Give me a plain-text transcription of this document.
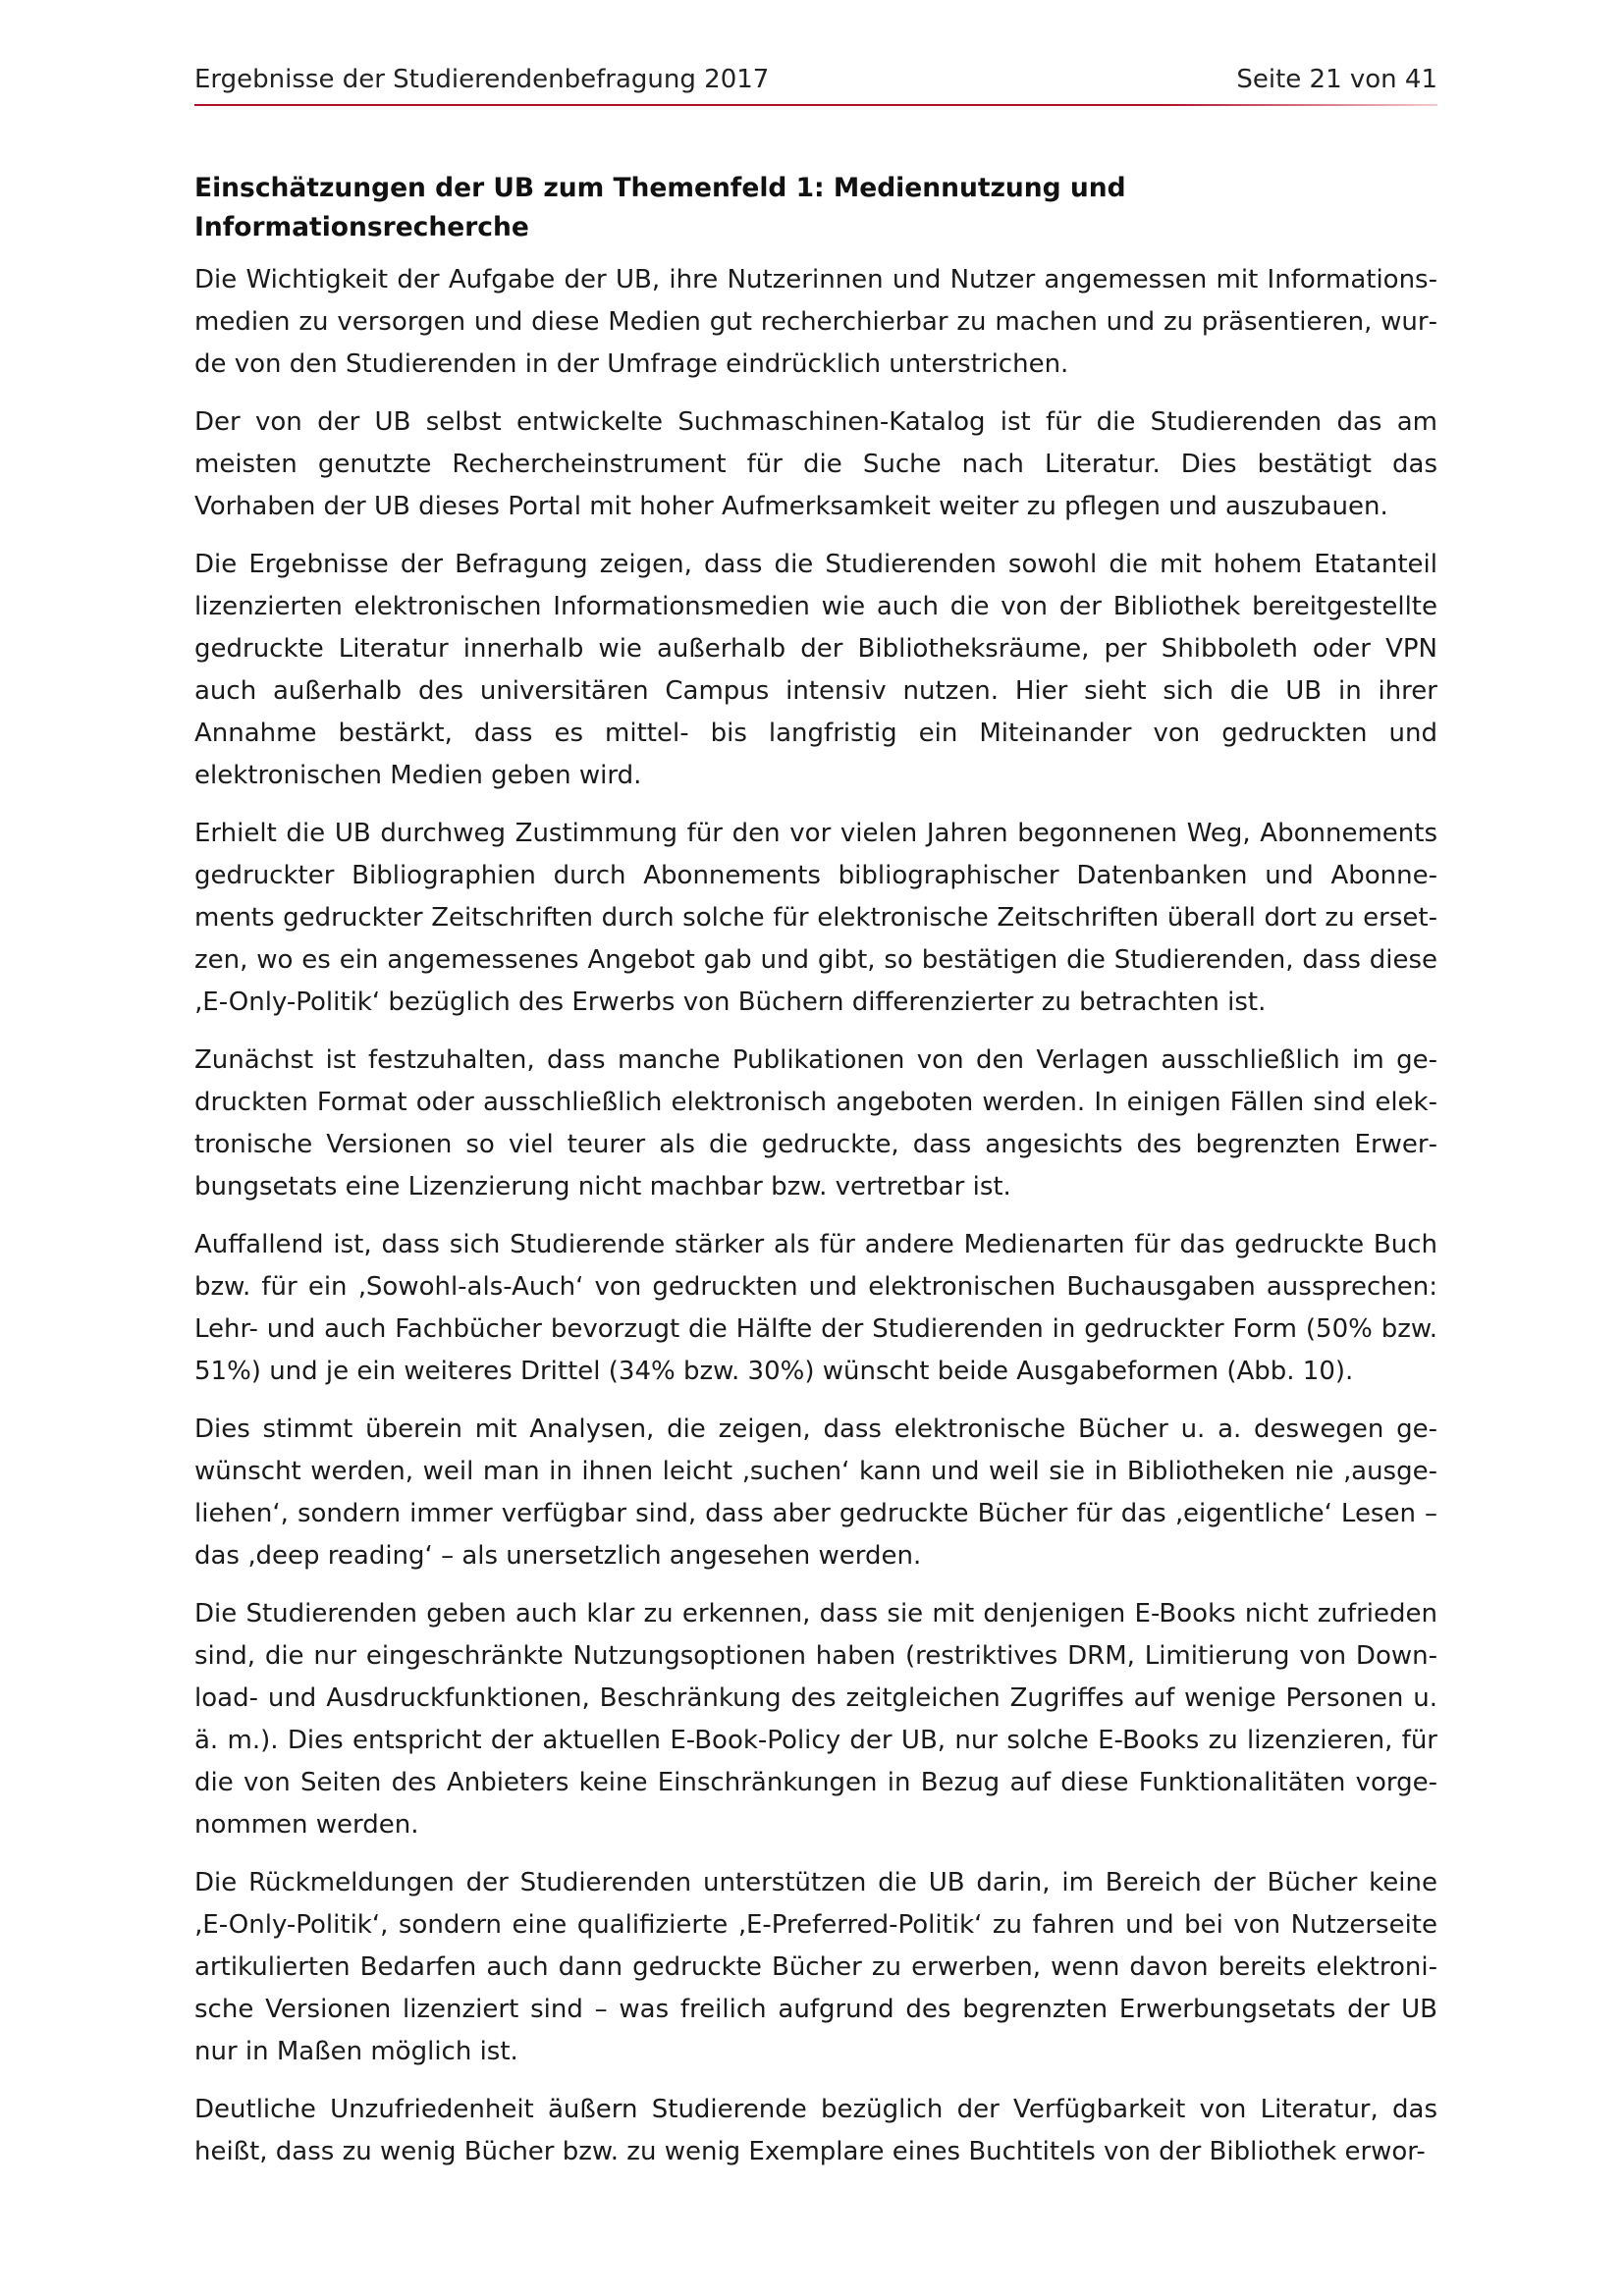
Ergebnisse der Studierendenbefragung 2017	Seite 21 von 41
Einschätzungen der UB zum Themenfeld 1: Mediennutzung und Informationsrecherche

Die Wichtigkeit der Aufgabe der UB, ihre Nutzerinnen und Nutzer angemessen mit Informationsmedien zu versorgen und diese Medien gut recherchierbar zu machen und zu präsentieren, wurde von den Studierenden in der Umfrage eindrücklich unterstrichen.

Der von der UB selbst entwickelte Suchmaschinen-Katalog ist für die Studierenden das am meisten genutzte Rechercheinstrument für die Suche nach Literatur. Dies bestätigt das Vorhaben der UB dieses Portal mit hoher Aufmerksamkeit weiter zu pflegen und auszubauen.

Die Ergebnisse der Befragung zeigen, dass die Studierenden sowohl die mit hohem Etatanteil lizenzierten elektronischen Informationsmedien wie auch die von der Bibliothek bereitgestellte gedruckte Literatur innerhalb wie außerhalb der Bibliotheksräume, per Shibboleth oder VPN auch außerhalb des universitären Campus intensiv nutzen. Hier sieht sich die UB in ihrer Annahme bestärkt, dass es mittel- bis langfristig ein Miteinander von gedruckten und elektronischen Medien geben wird.

Erhielt die UB durchweg Zustimmung für den vor vielen Jahren begonnenen Weg, Abonnements gedruckter Bibliographien durch Abonnements bibliographischer Datenbanken und Abonnements gedruckter Zeitschriften durch solche für elektronische Zeitschriften überall dort zu ersetzen, wo es ein angemessenes Angebot gab und gibt, so bestätigen die Studierenden, dass diese ‚E-Only-Politik‘ bezüglich des Erwerbs von Büchern differenzierter zu betrachten ist.

Zunächst ist festzuhalten, dass manche Publikationen von den Verlagen ausschließlich im gedruckten Format oder ausschließlich elektronisch angeboten werden. In einigen Fällen sind elektronische Versionen so viel teurer als die gedruckte, dass angesichts des begrenzten Erwerbungsetats eine Lizenzierung nicht machbar bzw. vertretbar ist.

Auffallend ist, dass sich Studierende stärker als für andere Medienarten für das gedruckte Buch bzw. für ein ‚Sowohl-als-Auch‘ von gedruckten und elektronischen Buchausgaben aussprechen: Lehr- und auch Fachbücher bevorzugt die Hälfte der Studierenden in gedruckter Form (50% bzw. 51%) und je ein weiteres Drittel (34% bzw. 30%) wünscht beide Ausgabeformen (Abb. 10).

Dies stimmt überein mit Analysen, die zeigen, dass elektronische Bücher u. a. deswegen gewünscht werden, weil man in ihnen leicht ‚suchen‘ kann und weil sie in Bibliotheken nie ‚ausgeliehen‘, sondern immer verfügbar sind, dass aber gedruckte Bücher für das ‚eigentliche‘ Lesen – das ‚deep reading‘ – als unersetzlich angesehen werden.

Die Studierenden geben auch klar zu erkennen, dass sie mit denjenigen E-Books nicht zufrieden sind, die nur eingeschränkte Nutzungsoptionen haben (restriktives DRM, Limitierung von Download- und Ausdruckfunktionen, Beschränkung des zeitgleichen Zugriffes auf wenige Personen u. ä. m.). Dies entspricht der aktuellen E-Book-Policy der UB, nur solche E-Books zu lizenzieren, für die von Seiten des Anbieters keine Einschränkungen in Bezug auf diese Funktionalitäten vorgenommen werden.

Die Rückmeldungen der Studierenden unterstützen die UB darin, im Bereich der Bücher keine ‚E-Only-Politik‘, sondern eine qualifizierte ‚E-Preferred-Politik‘ zu fahren und bei von Nutzerseite artikulierten Bedarfen auch dann gedruckte Bücher zu erwerben, wenn davon bereits elektronische Versionen lizenziert sind – was freilich aufgrund des begrenzten Erwerbungsetats der UB nur in Maßen möglich ist.

Deutliche Unzufriedenheit äußern Studierende bezüglich der Verfügbarkeit von Literatur, das heißt, dass zu wenig Bücher bzw. zu wenig Exemplare eines Buchtitels von der Bibliothek erwor-
